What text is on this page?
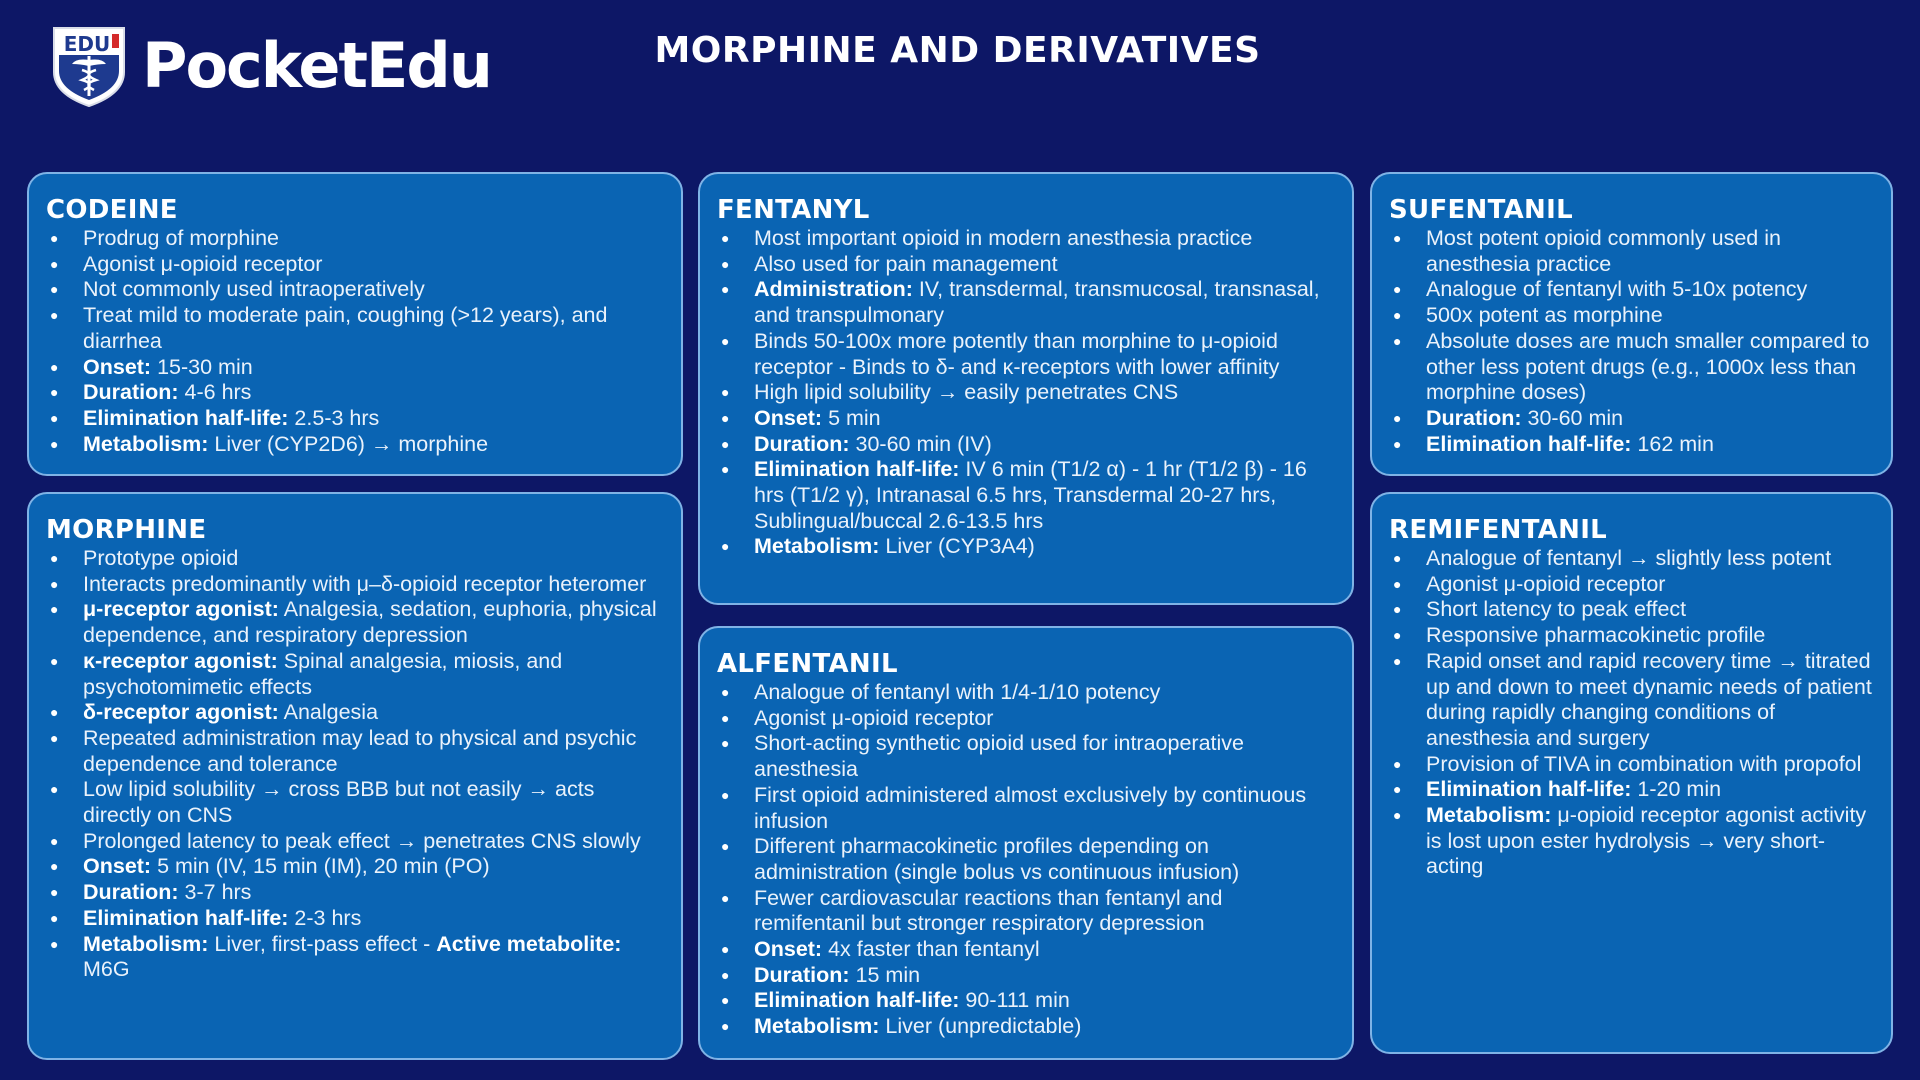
EDU PocketEdu	MORPHINE AND DERIVATIVES
CODEINE
● Prodrug of morphine
● Agonist μ-opioid receptor
● Not commonly used intraoperatively
● Treat mild to moderate pain, coughing (>12 years), and diarrhea
● Onset: 15-30 min
● Duration: 4-6 hrs
● Elimination half-life: 2.5-3 hrs
● Metabolism: Liver (CYP2D6) → morphine
MORPHINE
● Prototype opioid
● Interacts predominantly with μ–δ-opioid receptor heteromer
● μ-receptor agonist: Analgesia, sedation, euphoria, physical dependence, and respiratory depression
● κ-receptor agonist: Spinal analgesia, miosis, and psychotomimetic effects
● δ-receptor agonist: Analgesia
● Repeated administration may lead to physical and psychic dependence and tolerance
● Low lipid solubility → cross BBB but not easily → acts directly on CNS
● Prolonged latency to peak effect → penetrates CNS slowly
● Onset: 5 min (IV, 15 min (IM), 20 min (PO)
● Duration: 3-7 hrs
● Elimination half-life: 2-3 hrs
● Metabolism: Liver, first-pass effect - Active metabolite: M6G
FENTANYL
● Most important opioid in modern anesthesia practice
● Also used for pain management
● Administration: IV, transdermal, transmucosal, transnasal, and transpulmonary
● Binds 50-100x more potently than morphine to μ-opioid receptor - Binds to δ- and κ-receptors with lower affinity
● High lipid solubility → easily penetrates CNS
● Onset: 5 min
● Duration: 30-60 min (IV)
● Elimination half-life: IV 6 min (T1/2 α) - 1 hr (T1/2 β) - 16 hrs (T1/2 γ), Intranasal 6.5 hrs, Transdermal 20-27 hrs, Sublingual/buccal 2.6-13.5 hrs
● Metabolism: Liver (CYP3A4)
ALFENTANIL
● Analogue of fentanyl with 1/4-1/10 potency
● Agonist μ-opioid receptor
● Short-acting synthetic opioid used for intraoperative anesthesia
● First opioid administered almost exclusively by continuous infusion
● Different pharmacokinetic profiles depending on administration (single bolus vs continuous infusion)
● Fewer cardiovascular reactions than fentanyl and remifentanil but stronger respiratory depression
● Onset: 4x faster than fentanyl
● Duration: 15 min
● Elimination half-life: 90-111 min
● Metabolism: Liver (unpredictable)
SUFENTANIL
● Most potent opioid commonly used in anesthesia practice
● Analogue of fentanyl with 5-10x potency
● 500x potent as morphine
● Absolute doses are much smaller compared to other less potent drugs (e.g., 1000x less than morphine doses)
● Duration: 30-60 min
● Elimination half-life: 162 min
REMIFENTANIL
● Analogue of fentanyl → slightly less potent
● Agonist μ-opioid receptor
● Short latency to peak effect
● Responsive pharmacokinetic profile
● Rapid onset and rapid recovery time → titrated up and down to meet dynamic needs of patient during rapidly changing conditions of anesthesia and surgery
● Provision of TIVA in combination with propofol
● Elimination half-life: 1-20 min
● Metabolism: μ-opioid receptor agonist activity is lost upon ester hydrolysis → very short-acting
